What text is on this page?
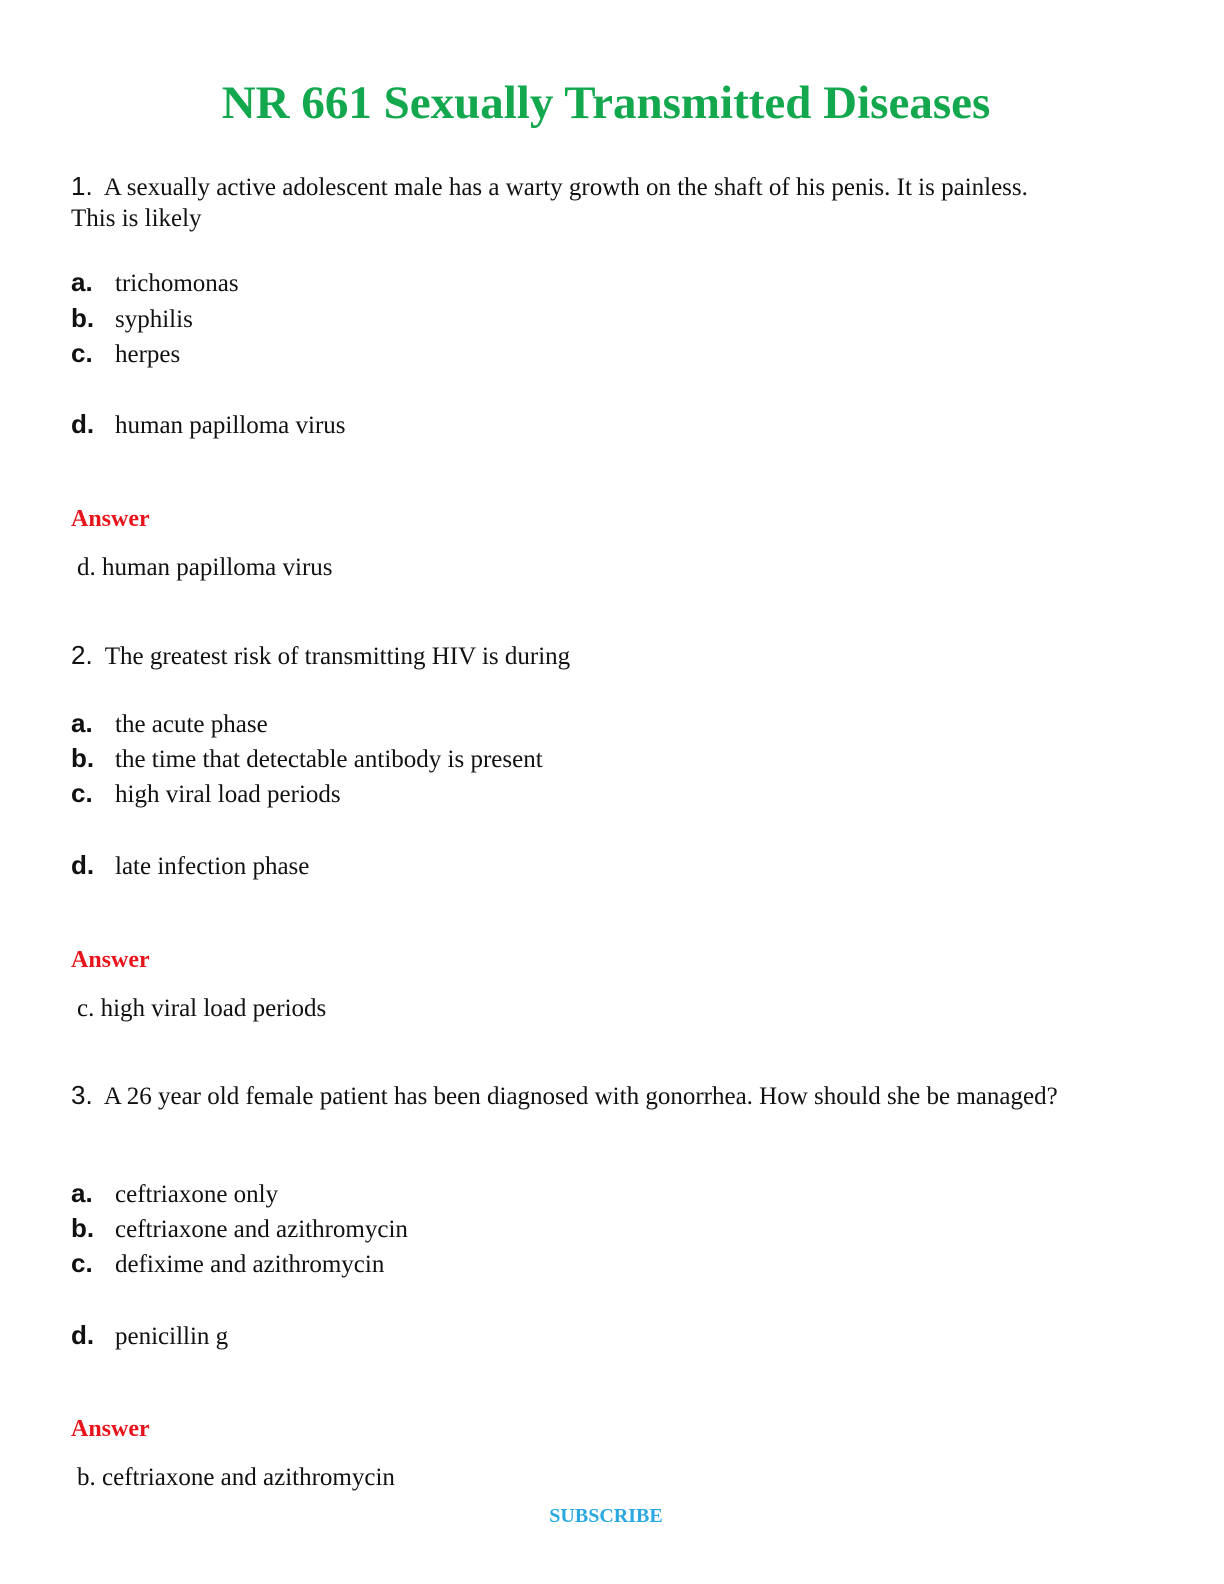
NR 661 Sexually Transmitted Diseases
1. A sexually active adolescent male has a warty growth on the shaft of his penis. It is painless. This is likely
a. trichomonas
b. syphilis
c. herpes
d. human papilloma virus
Answer
d. human papilloma virus
2. The greatest risk of transmitting HIV is during
a. the acute phase
b. the time that detectable antibody is present
c. high viral load periods
d. late infection phase
Answer
c. high viral load periods
3. A 26 year old female patient has been diagnosed with gonorrhea. How should she be managed?
a. ceftriaxone only
b. ceftriaxone and azithromycin
c. defixime and azithromycin
d. penicillin g
Answer
b. ceftriaxone and azithromycin
SUBSCRIBE
